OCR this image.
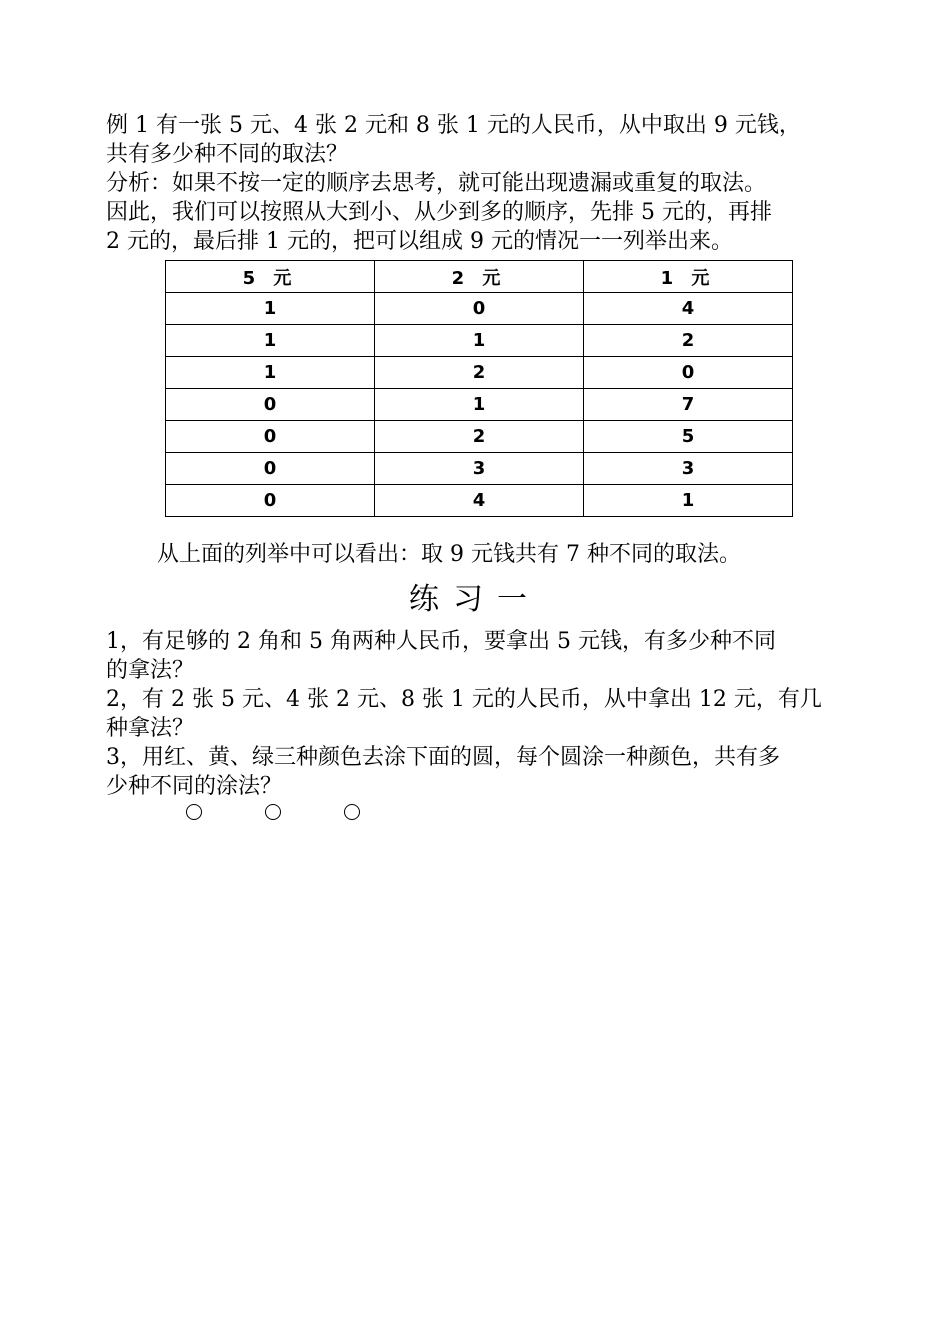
例 1 有一张 5 元、4 张 2 元和 8 张 1 元的人民币，从中取出 9 元钱，
共有多少种不同的取法？
分析：如果不按一定的顺序去思考，就可能出现遗漏或重复的取法。
因此，我们可以按照从大到小、从少到多的顺序，先排 5 元的，再排
2 元的，最后排 1 元的，把可以组成 9 元的情况一一列举出来。
5 元	2 元	1 元
1	0	4
1	1	2
1	2	0
0	1	7
0	2	5
0	3	3
0	4	1
从上面的列举中可以看出：取 9 元钱共有 7 种不同的取法。
练习一
1，有足够的 2 角和 5 角两种人民币，要拿出 5 元钱，有多少种不同
的拿法？
2，有 2 张 5 元、4 张 2 元、8 张 1 元的人民币，从中拿出 12 元，有几
种拿法？
3，用红、黄、绿三种颜色去涂下面的圆，每个圆涂一种颜色，共有多
少种不同的涂法？
